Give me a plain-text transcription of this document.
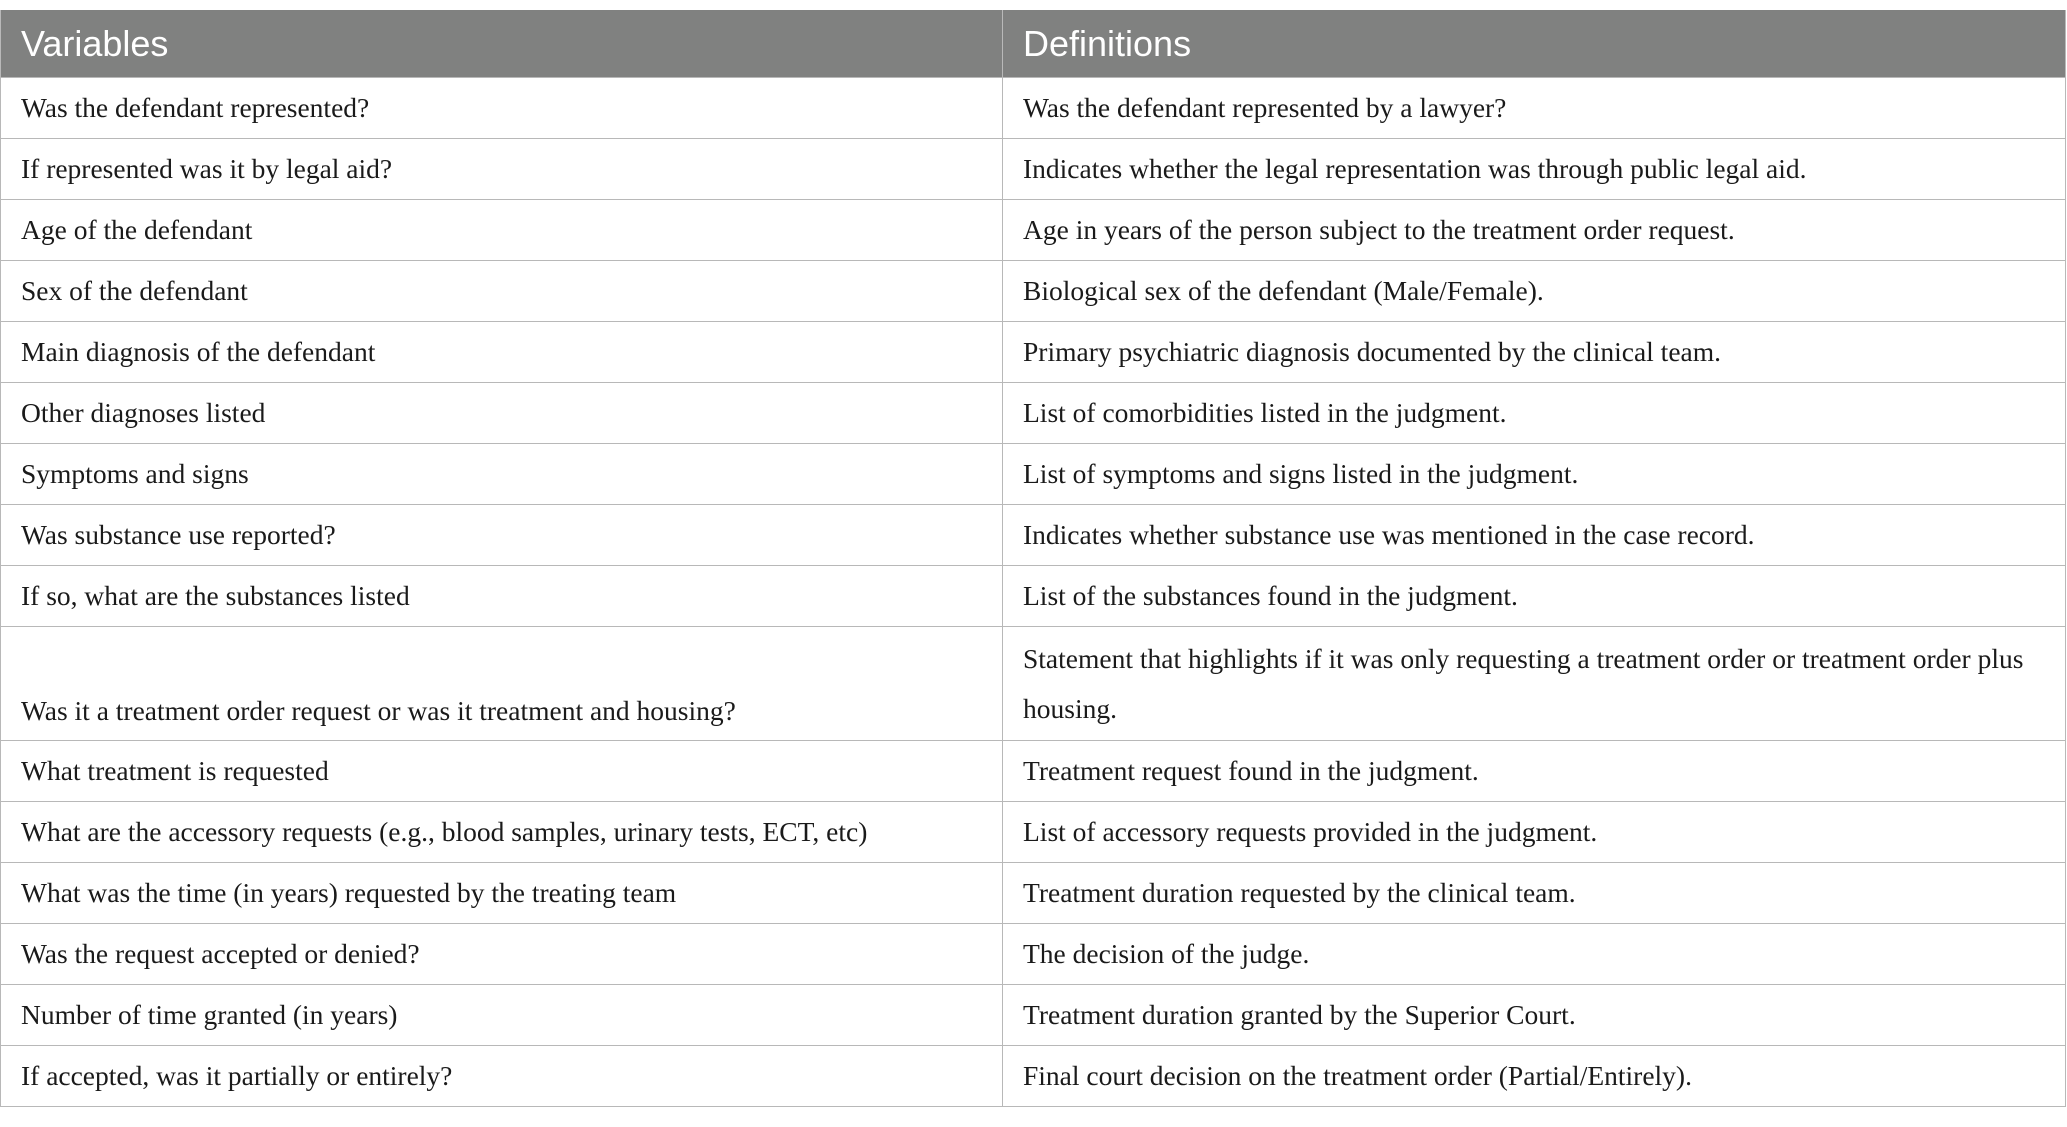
Variables	Definitions
Was the defendant represented?	Was the defendant represented by a lawyer?
If represented was it by legal aid?	Indicates whether the legal representation was through public legal aid.
Age of the defendant	Age in years of the person subject to the treatment order request.
Sex of the defendant	Biological sex of the defendant (Male/Female).
Main diagnosis of the defendant	Primary psychiatric diagnosis documented by the clinical team.
Other diagnoses listed	List of comorbidities listed in the judgment.
Symptoms and signs	List of symptoms and signs listed in the judgment.
Was substance use reported?	Indicates whether substance use was mentioned in the case record.
If so, what are the substances listed	List of the substances found in the judgment.
Was it a treatment order request or was it treatment and housing?	Statement that highlights if it was only requesting a treatment order or treatment order plus housing.
What treatment is requested	Treatment request found in the judgment.
What are the accessory requests (e.g., blood samples, urinary tests, ECT, etc)	List of accessory requests provided in the judgment.
What was the time (in years) requested by the treating team	Treatment duration requested by the clinical team.
Was the request accepted or denied?	The decision of the judge.
Number of time granted (in years)	Treatment duration granted by the Superior Court.
If accepted, was it partially or entirely?	Final court decision on the treatment order (Partial/Entirely).
